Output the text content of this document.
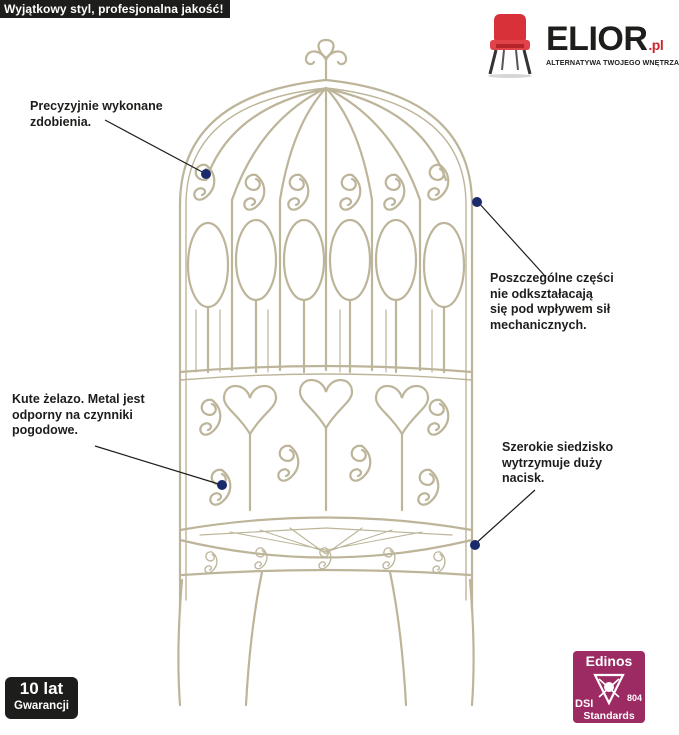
Wyjątkowy styl, profesjonalna jakość!
ELIOR.pl
ALTERNATYWA TWOJEGO WNĘTRZA
Precyzyjnie wykonane
zdobienia.
Poszczególne części
nie odkształacają
się pod wpływem sił
mechanicznych.
Kute żelazo. Metal jest
odporny na czynniki
pogodowe.
Szerokie siedzisko
wytrzymuje duży
nacisk.
10 lat
Gwarancji
Edinos
DSI	804
Standards
